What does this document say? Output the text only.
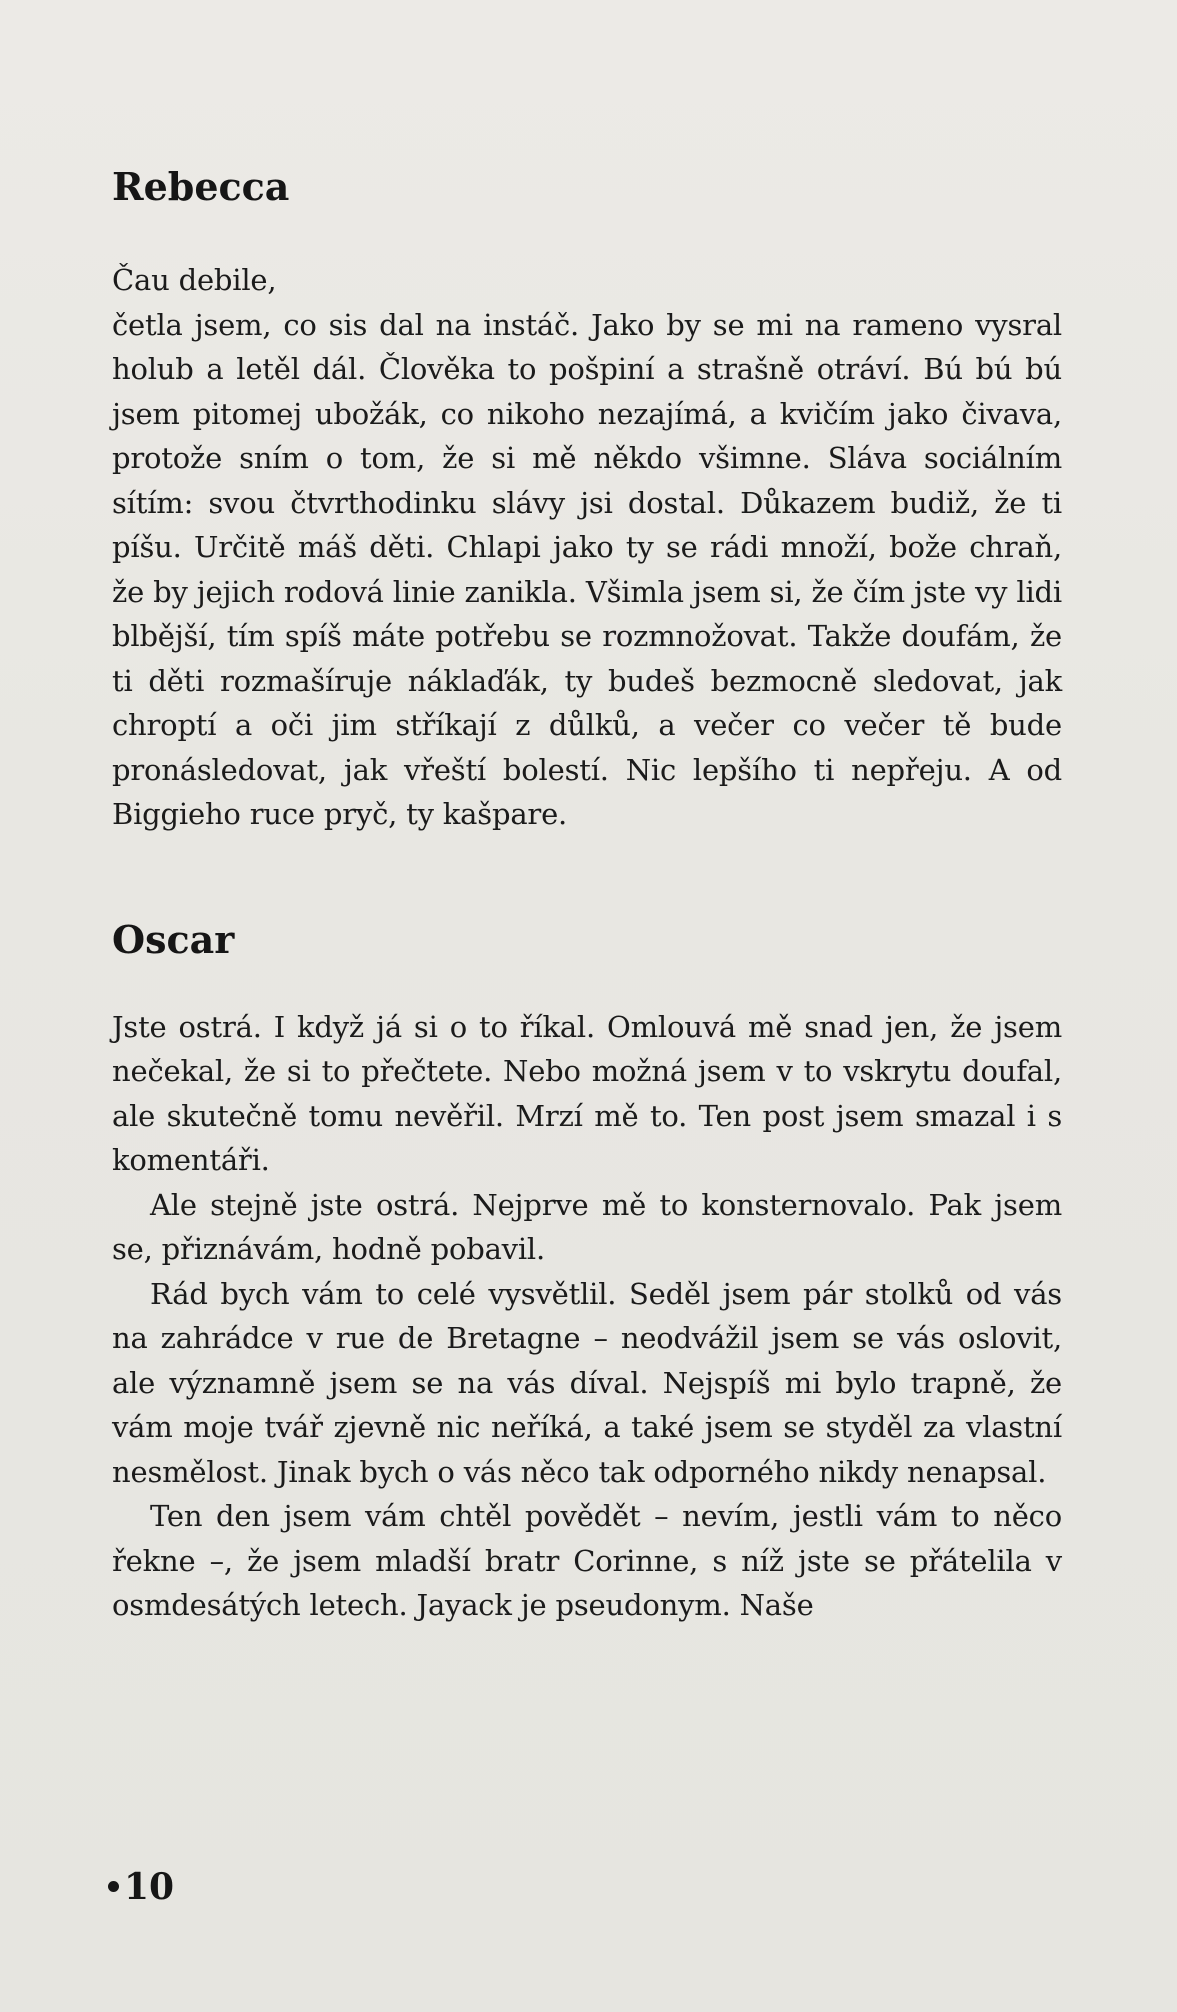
Rebecca

Čau debile,

četla jsem, co sis dal na instáč. Jako by se mi na rameno vysral holub a letěl dál. Člověka to pošpiní a strašně otráví. Bú bú bú jsem pitomej ubožák, co nikoho nezajímá, a kvičím jako čivava, protože sním o tom, že si mě někdo všimne. Sláva sociálním sítím: svou čtvrthodinku slávy jsi dostal. Důkazem budiž, že ti píšu. Určitě máš děti. Chlapi jako ty se rádi množí, bože chraň, že by jejich rodová linie zanikla. Všimla jsem si, že čím jste vy lidi blbější, tím spíš máte potřebu se rozmnožovat. Takže doufám, že ti děti rozmašíruje náklaďák, ty budeš bezmocně sledovat, jak chroptí a oči jim stříkají z důlků, a večer co večer tě bude pronásledovat, jak vřeští bolestí. Nic lepšího ti nepřeju. A od Biggieho ruce pryč, ty kašpare.

Oscar

Jste ostrá. I když já si o to říkal. Omlouvá mě snad jen, že jsem nečekal, že si to přečtete. Nebo možná jsem v to vskrytu doufal, ale skutečně tomu nevěřil. Mrzí mě to. Ten post jsem smazal i s komentáři.

Ale stejně jste ostrá. Nejprve mě to konsternovalo. Pak jsem se, přiznávám, hodně pobavil.

Rád bych vám to celé vysvětlil. Seděl jsem pár stolků od vás na zahrádce v rue de Bretagne – neodvážil jsem se vás oslovit, ale významně jsem se na vás díval. Nejspíš mi bylo trapně, že vám moje tvář zjevně nic neříká, a také jsem se styděl za vlastní nesmělost. Jinak bych o vás něco tak odporného nikdy nenapsal.

Ten den jsem vám chtěl povědět – nevím, jestli vám to něco řekne –, že jsem mladší bratr Corinne, s níž jste se přátelila v osmdesátých letech. Jayack je pseudonym. Naše

10
